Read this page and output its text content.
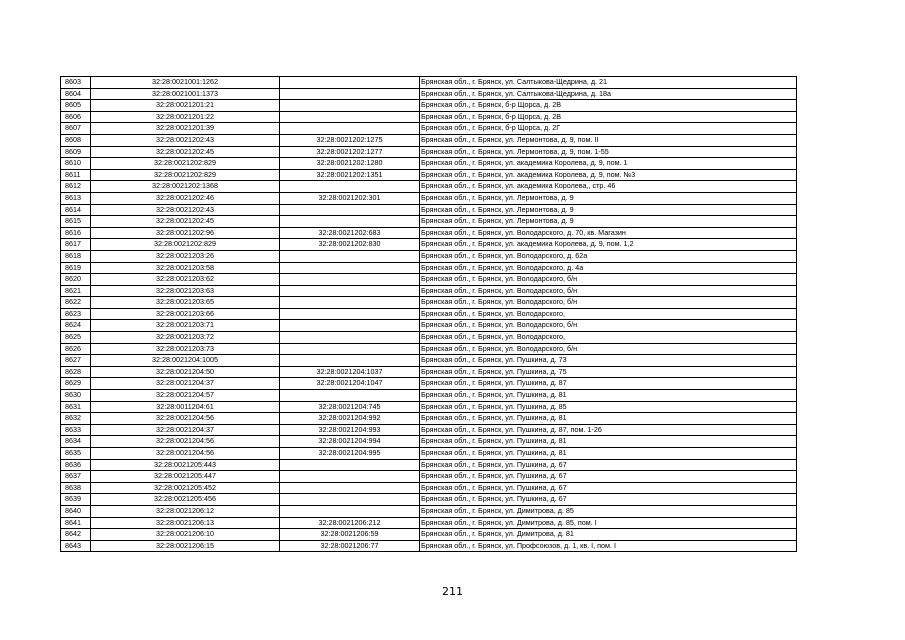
8603	32:28:0021001:1262		Брянская обл., г. Брянск, ул. Салтыкова-Щедрина, д. 21
8604	32:28:0021001:1373		Брянская обл., г. Брянск, ул. Салтыкова-Щедрина, д. 18а
8605	32:28:0021201:21		Брянская обл., г. Брянск, б-р Щорса, д. 2В
8606	32:28:0021201:22		Брянская обл., г. Брянск, б-р Щорса, д. 2В
8607	32:28:0021201:39		Брянская обл., г. Брянск, б-р Щорса, д. 2Г
8608	32:28:0021202:43	32:28:0021202:1275	Брянская обл., г. Брянск, ул. Лермонтова, д. 9, пом. II
8609	32:28:0021202:45	32:28:0021202:1277	Брянская обл., г. Брянск, ул. Лермонтова, д. 9, пом. 1-55
8610	32:28:0021202:829	32:28:0021202:1280	Брянская обл., г. Брянск, ул. академика Королева, д. 9, пом. 1
8611	32:28:0021202:829	32:28:0021202:1351	Брянская обл., г. Брянск, ул. академика Королева, д. 9, пом. №3
8612	32:28:0021202:1368		Брянская обл., г. Брянск, ул. академика Королева,, стр. 46
8613	32:28:0021202:46	32:28:0021202:301	Брянская обл., г. Брянск, ул. Лермонтова, д. 9
8614	32:28:0021202:43		Брянская обл., г. Брянск, ул. Лермонтова, д. 9
8615	32:28:0021202:45		Брянская обл., г. Брянск, ул. Лермонтова, д. 9
8616	32:28:0021202:96	32:28:0021202:683	Брянская обл., г. Брянск, ул. Володарского, д. 70, кв. Магазин
8617	32:28:0021202:829	32:28:0021202:830	Брянская обл., г. Брянск, ул. академика Королева, д. 9, пом. 1,2
8618	32:28:0021203:26		Брянская обл., г. Брянск, ул. Володарского, д. 62а
8619	32:28:0021203:58		Брянская обл., г. Брянск, ул. Володарского, д. 4а
8620	32:28:0021203:62		Брянская обл., г. Брянск, ул. Володарского, б/н
8621	32:28:0021203:63		Брянская обл., г. Брянск, ул. Володарского, б/н
8622	32:28:0021203:65		Брянская обл., г. Брянск, ул. Володарского, б/н
8623	32:28:0021203:66		Брянская обл., г. Брянск, ул. Володарского,
8624	32:28:0021203:71		Брянская обл., г. Брянск, ул. Володарского, б/н
8625	32:28:0021203:72		Брянская обл., г. Брянск, ул. Володарского,
8626	32:28:0021203:73		Брянская обл., г. Брянск, ул. Володарского, б/н
8627	32:28:0021204:1005		Брянская обл., г. Брянск, ул. Пушкина, д. 73
8628	32:28:0021204:50	32:28:0021204:1037	Брянская обл., г. Брянск, ул. Пушкина, д. 75
8629	32:28:0021204:37	32:28:0021204:1047	Брянская обл., г. Брянск, ул. Пушкина, д. 87
8630	32:28:0021204:57		Брянская обл., г. Брянск, ул. Пушкина, д. 81
8631	32:28:0011204:61	32:28:0021204:745	Брянская обл., г. Брянск, ул. Пушкина, д. 85
8632	32:28:0021204:56	32:28:0021204:992	Брянская обл., г. Брянск, ул. Пушкина, д. 81
8633	32:28:0021204:37	32:28:0021204:993	Брянская обл., г. Брянск, ул. Пушкина, д. 87, пом. 1-26
8634	32:28:0021204:56	32:28:0021204:994	Брянская обл., г. Брянск, ул. Пушкина, д. 81
8635	32:28:0021204:56	32:28:0021204:995	Брянская обл., г. Брянск, ул. Пушкина, д. 81
8636	32:28:0021205:443		Брянская обл., г. Брянск, ул. Пушкина, д. 67
8637	32:28:0021205:447		Брянская обл., г. Брянск, ул. Пушкина, д. 67
8638	32:28:0021205:452		Брянская обл., г. Брянск, ул. Пушкина, д. 67
8639	32:28:0021205:456		Брянская обл., г. Брянск, ул. Пушкина, д. 67
8640	32:28:0021206:12		Брянская обл., г. Брянск, ул. Димитрова, д. 85
8641	32:28:0021206:13	32:28:0021206:212	Брянская обл., г. Брянск, ул. Димитрова, д. 85, пом. I
8642	32:28:0021206:10	32:28:0021206:59	Брянская обл., г. Брянск, ул. Димитрова, д. 81
8643	32:28:0021206:15	32:28:0021206:77	Брянская обл., г. Брянск, ул. Профсоюзов, д. 1, кв. I, пом. I
211
